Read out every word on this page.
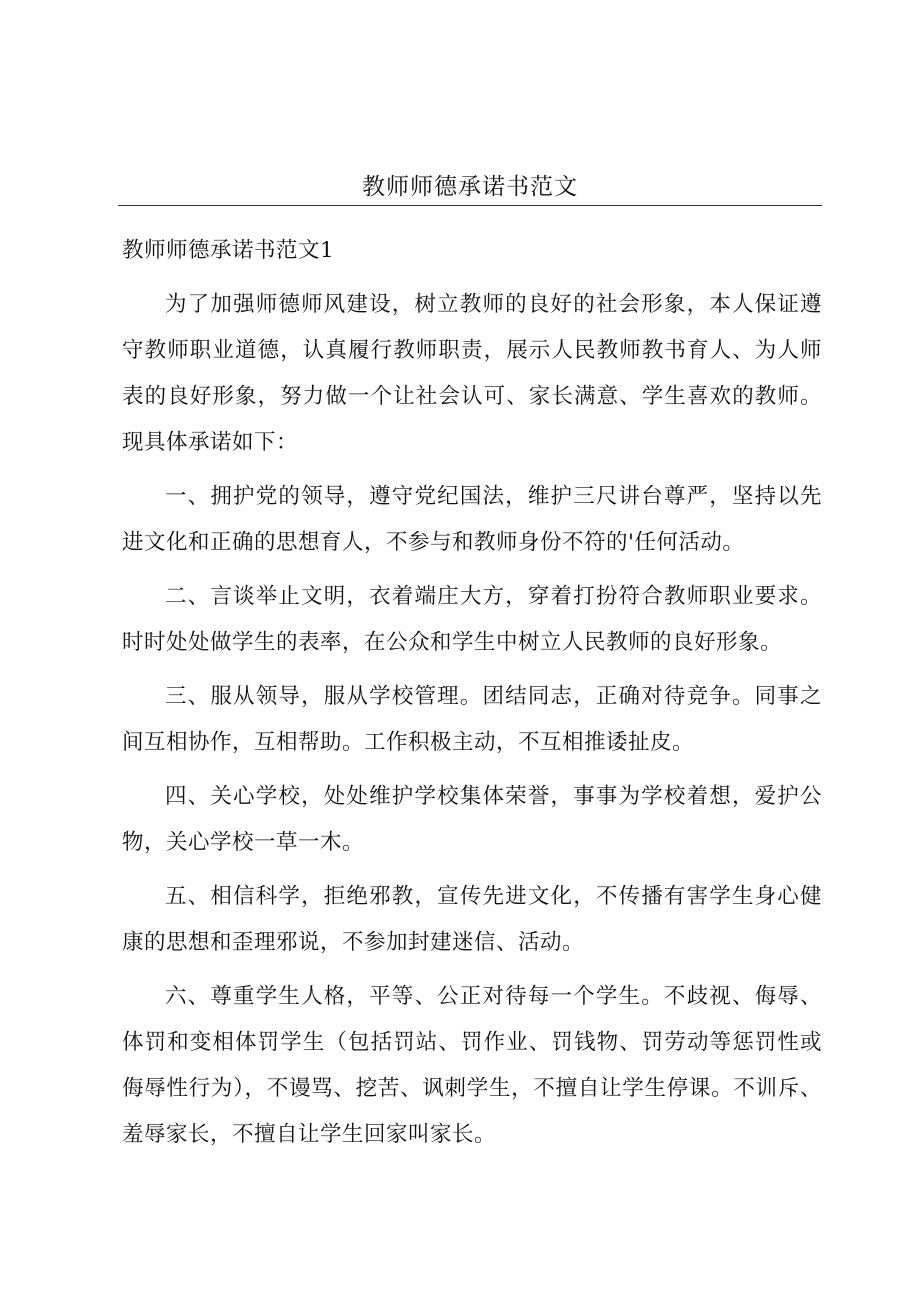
教师师德承诺书范文

教师师德承诺书范文1

为了加强师德师风建设，树立教师的良好的社会形象，本人保证遵守教师职业道德，认真履行教师职责，展示人民教师教书育人、为人师表的良好形象，努力做一个让社会认可、家长满意、学生喜欢的教师。现具体承诺如下：

一、拥护党的领导，遵守党纪国法，维护三尺讲台尊严，坚持以先进文化和正确的思想育人，不参与和教师身份不符的'任何活动。

二、言谈举止文明，衣着端庄大方，穿着打扮符合教师职业要求。时时处处做学生的表率，在公众和学生中树立人民教师的良好形象。

三、服从领导，服从学校管理。团结同志，正确对待竞争。同事之间互相协作，互相帮助。工作积极主动，不互相推诿扯皮。

四、关心学校，处处维护学校集体荣誉，事事为学校着想，爱护公物，关心学校一草一木。

五、相信科学，拒绝邪教，宣传先进文化，不传播有害学生身心健康的思想和歪理邪说，不参加封建迷信、活动。

六、尊重学生人格，平等、公正对待每一个学生。不歧视、侮辱、体罚和变相体罚学生（包括罚站、罚作业、罚钱物、罚劳动等惩罚性或侮辱性行为），不谩骂、挖苦、讽刺学生，不擅自让学生停课。不训斥、羞辱家长，不擅自让学生回家叫家长。
